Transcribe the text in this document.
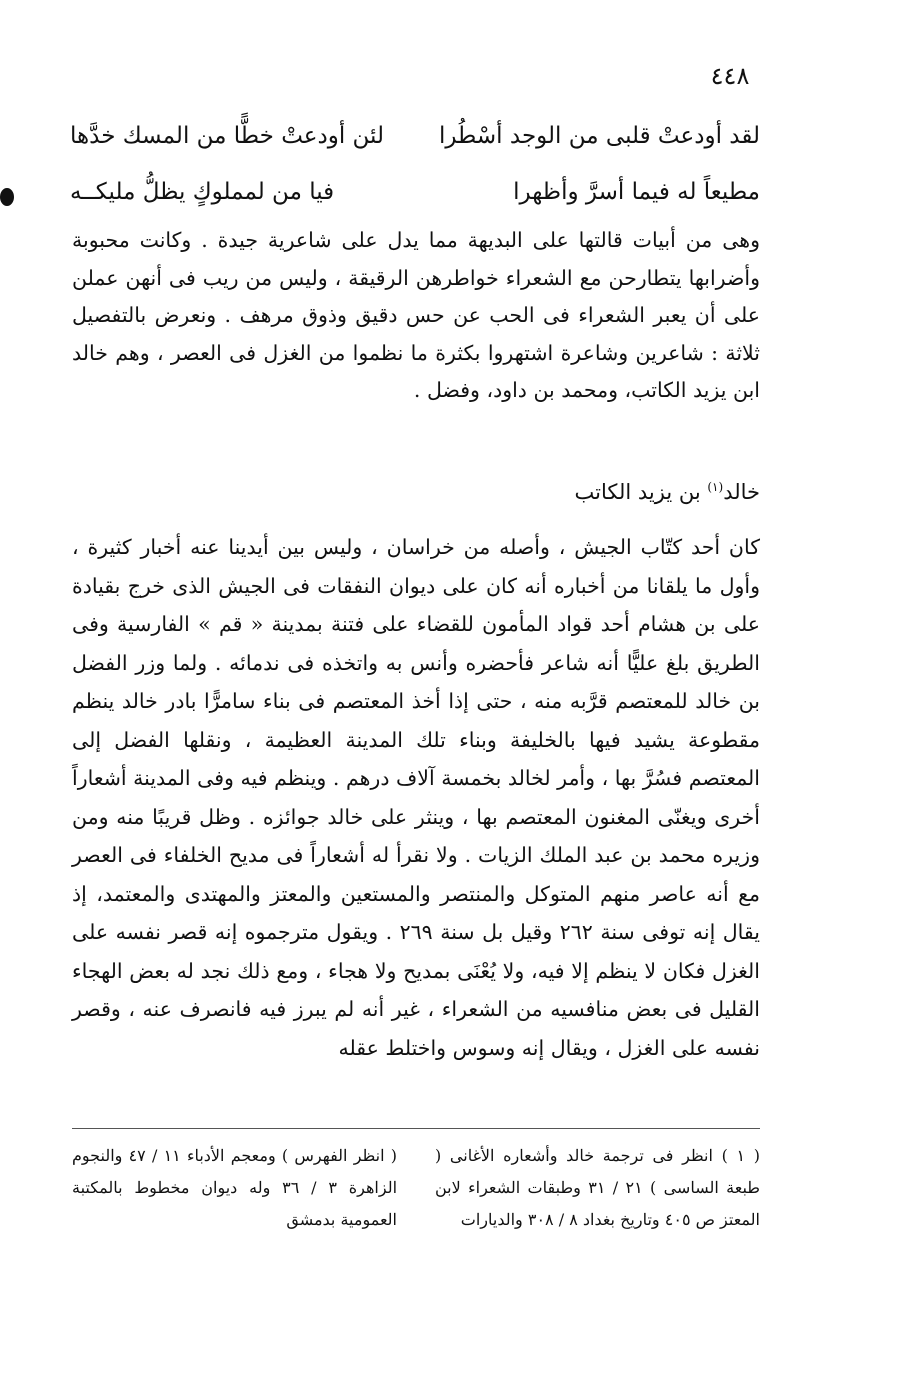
٤٤٨
لقد أودعتْ قلبى من الوجد أسْطُرا
لئن أودعتْ خطًّا من المسك خدَّها
مطيعاً له فيما أسرَّ وأظهرا
فيا من لمملوكٍ يظلُّ مليكــه

وهى من أبيات قالتها على البديهة مما يدل على شاعرية جيدة . وكانت محبوبة وأضرابها يتطارحن مع الشعراء خواطرهن الرقيقة ، وليس من ريب فى أنهن عملن على أن يعبر الشعراء فى الحب عن حس دقيق وذوق مرهف . ونعرض بالتفصيل ثلاثة : شاعرين وشاعرة اشتهروا بكثرة ما نظموا من الغزل فى العصر ، وهم خالد ابن يزيد الكاتب، ومحمد بن داود، وفضل .

خالد$^{(١)}$ بن يزيد الكاتب

كان أحد كتّاب الجيش ، وأصله من خراسان ، وليس بين أيدينا عنه أخبار كثيرة ، وأول ما يلقانا من أخباره أنه كان على ديوان النفقات فى الجيش الذى خرج بقيادة على بن هشام أحد قواد المأمون للقضاء على فتنة بمدينة « قم » الفارسية وفى الطريق بلغ عليًّا أنه شاعر فأحضره وأنس به واتخذه فى ندمائه . ولما وزر الفضل بن خالد للمعتصم قرَّبه منه ، حتى إذا أخذ المعتصم فى بناء سامرًّا بادر خالد ينظم مقطوعة يشيد فيها بالخليفة وبناء تلك المدينة العظيمة ، ونقلها الفضل إلى المعتصم فسُرَّ بها ، وأمر لخالد بخمسة آلاف درهم . وينظم فيه وفى المدينة أشعاراً أخرى ويغنّى المغنون المعتصم بها ، وينثر على خالد جوائزه . وظل قريبًا منه ومن وزيره محمد بن عبد الملك الزيات . ولا نقرأ له أشعاراً فى مديح الخلفاء فى العصر مع أنه عاصر منهم المتوكل والمنتصر والمستعين والمعتز والمهتدى والمعتمد، إذ يقال إنه توفى سنة ٢٦٢ وقيل بل سنة ٢٦٩ . ويقول مترجموه إنه قصر نفسه على الغزل فكان لا ينظم إلا فيه، ولا يُعْنَى بمديح ولا هجاء ، ومع ذلك نجد له بعض الهجاء القليل فى بعض منافسيه من الشعراء ، غير أنه لم يبرز فيه فانصرف عنه ، وقصر نفسه على الغزل ، ويقال إنه وسوس واختلط عقله

( ١ ) انظر فى ترجمة خالد وأشعاره الأغانى ( طبعة الساسى ) ٢١ / ٣١ وطبقات الشعراء لابن المعتز ص ٤٠٥ وتاريخ بغداد ٨ / ٣٠٨ والديارات

( انظر الفهرس ) ومعجم الأدباء ١١ / ٤٧ والنجوم الزاهرة ٣ / ٣٦ وله ديوان مخطوط بالمكتبة العمومية بدمشق
